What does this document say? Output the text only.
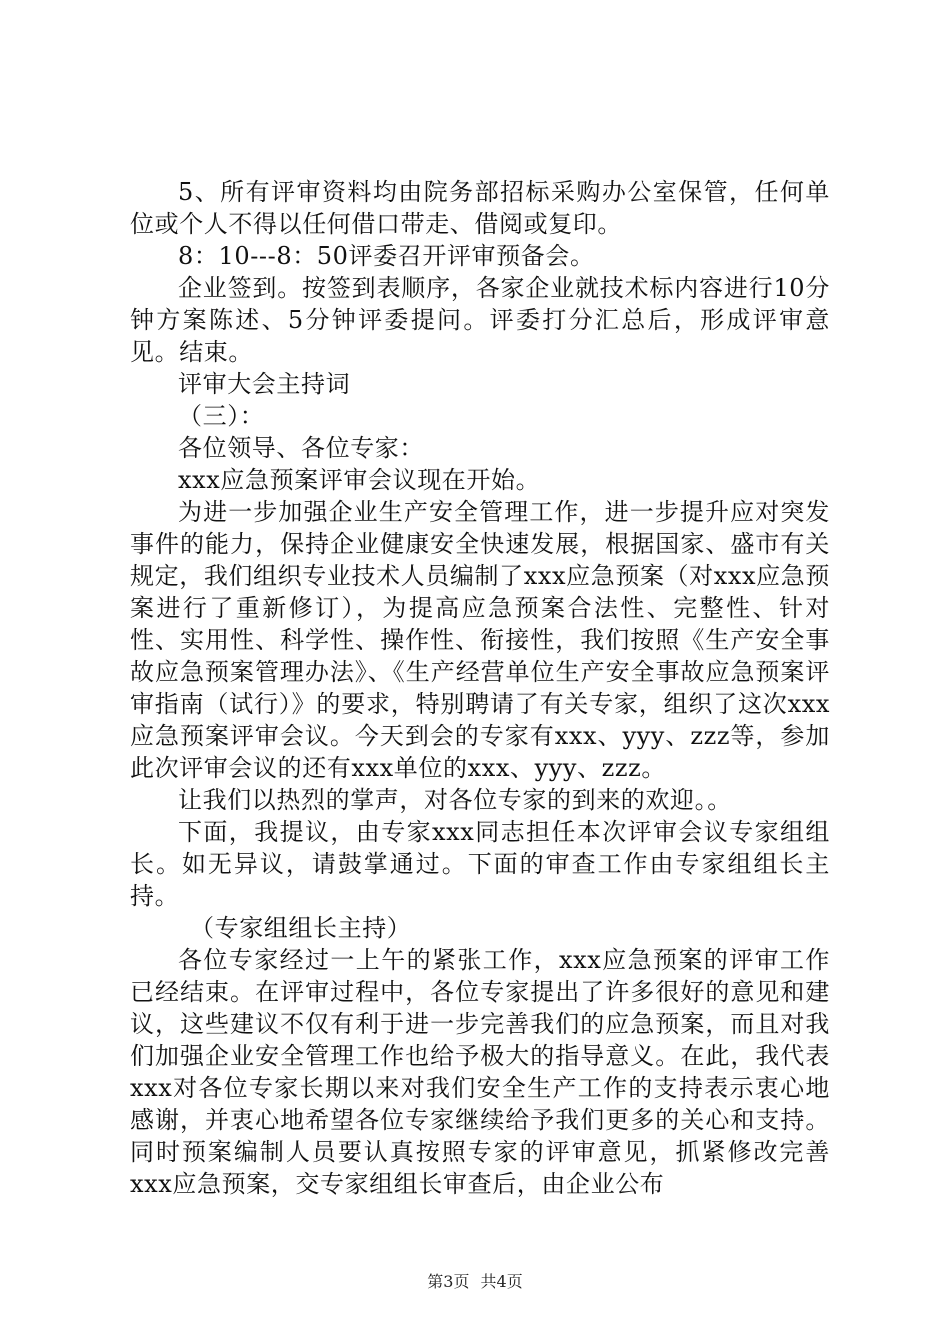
5、所有评审资料均由院务部招标采购办公室保管，任何单位或个人不得以任何借口带走、借阅或复印。

8：10---8：50评委召开评审预备会。

企业签到。按签到表顺序，各家企业就技术标内容进行10分钟方案陈述、5分钟评委提问。评委打分汇总后，形成评审意见。结束。

评审大会主持词

（三）：

各位领导、各位专家：

xxx应急预案评审会议现在开始。

为进一步加强企业生产安全管理工作，进一步提升应对突发事件的能力，保持企业健康安全快速发展，根据国家、盛市有关规定，我们组织专业技术人员编制了xxx应急预案（对xxx应急预案进行了重新修订），为提高应急预案合法性、完整性、针对性、实用性、科学性、操作性、衔接性，我们按照《生产安全事故应急预案管理办法》、《生产经营单位生产安全事故应急预案评审指南（试行）》的要求，特别聘请了有关专家，组织了这次xxx应急预案评审会议。今天到会的专家有xxx、yyy、zzz等，参加此次评审会议的还有xxx单位的xxx、yyy、zzz。

让我们以热烈的掌声，对各位专家的到来的欢迎。。

下面，我提议，由专家xxx同志担任本次评审会议专家组组长。如无异议，请鼓掌通过。下面的审查工作由专家组组长主持。

（专家组组长主持）

各位专家经过一上午的紧张工作，xxx应急预案的评审工作已经结束。在评审过程中，各位专家提出了许多很好的意见和建议，这些建议不仅有利于进一步完善我们的应急预案，而且对我们加强企业安全管理工作也给予极大的指导意义。在此，我代表xxx对各位专家长期以来对我们安全生产工作的支持表示衷心地感谢，并衷心地希望各位专家继续给予我们更多的关心和支持。同时预案编制人员要认真按照专家的评审意见，抓紧修改完善xxx应急预案，交专家组组长审查后，由企业公布

第3页 共4页
